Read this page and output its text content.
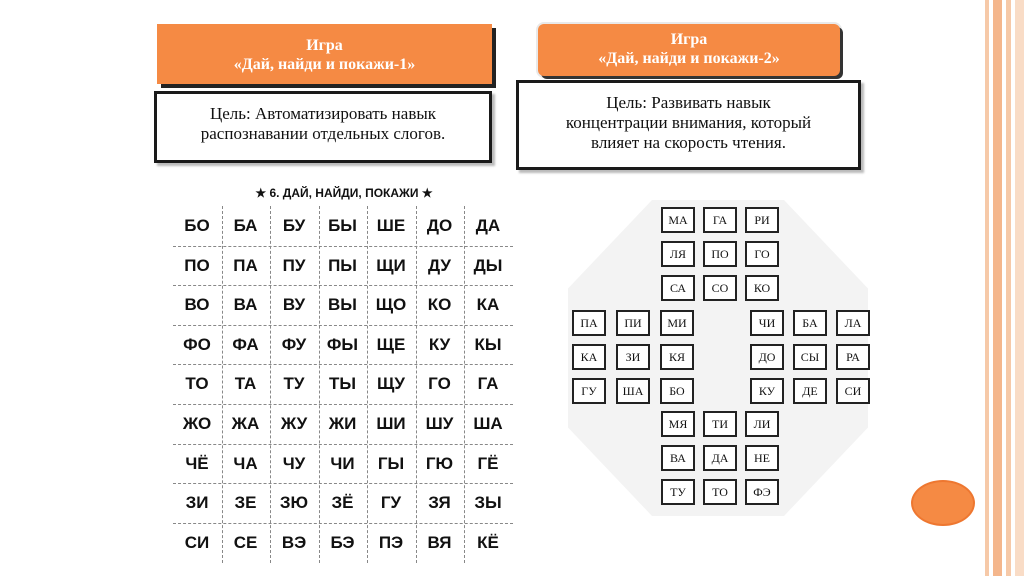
Игра
«Дай, найди и покажи-1»
Цель: Автоматизировать навык
распознавании отдельных слогов.
Игра
«Дай, найди и покажи-2»
Цель: Развивать навык
концентрации внимания, который
влияет на скорость чтения.
★ 6. ДАЙ, НАЙДИ, ПОКАЖИ ★
БО	БА	БУ	БЫ	ШЕ	ДО	ДА
ПО	ПА	ПУ	ПЫ	ЩИ	ДУ	ДЫ
ВО	ВА	ВУ	ВЫ	ЩО	КО	КА
ФО	ФА	ФУ	ФЫ	ЩЕ	КУ	КЫ
ТО	ТА	ТУ	ТЫ	ЩУ	ГО	ГА
ЖО	ЖА	ЖУ	ЖИ	ШИ	ШУ	ША
ЧЁ	ЧА	ЧУ	ЧИ	ГЫ	ГЮ	ГЁ
ЗИ	ЗЕ	ЗЮ	ЗЁ	ГУ	ЗЯ	ЗЫ
СИ	СЕ	ВЭ	БЭ	ПЭ	ВЯ	КЁ
МА	ГА	РИ
ЛЯ	ПО	ГО
СА	СО	КО
ПА	ПИ	МИ
КА	ЗИ	КЯ
ГУ	ША	БО
ЧИ	БА	ЛА
ДО	СЫ	РА
КУ	ДЕ	СИ
МЯ	ТИ	ЛИ
ВА	ДА	НЕ
ТУ	ТО	ФЭ
